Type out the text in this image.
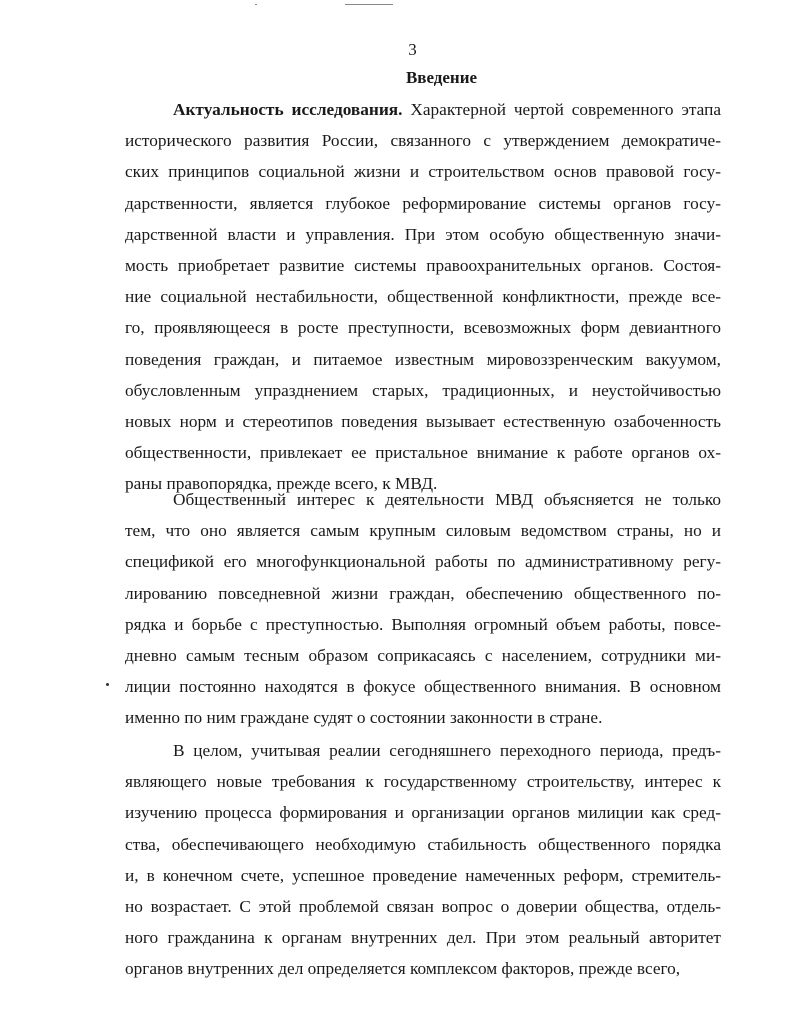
3
Введение
Актуальность исследования. Характерной чертой современного этапа
исторического развития России, связанного с утверждением демократиче-
ских принципов социальной жизни и строительством основ правовой госу-
дарственности, является глубокое реформирование системы органов госу-
дарственной власти и управления. При этом особую общественную значи-
мость приобретает развитие системы правоохранительных органов. Состоя-
ние социальной нестабильности, общественной конфликтности, прежде все-
го, проявляющееся в росте преступности, всевозможных форм девиантного
поведения граждан, и питаемое известным мировоззренческим вакуумом,
обусловленным упразднением старых, традиционных, и неустойчивостью
новых норм и стереотипов поведения вызывает естественную озабоченность
общественности, привлекает ее пристальное внимание к работе органов ох-
раны правопорядка, прежде всего, к МВД.
Общественный интерес к деятельности МВД объясняется не только
тем, что оно является самым крупным силовым ведомством страны, но и
спецификой его многофункциональной работы по административному регу-
лированию повседневной жизни граждан, обеспечению общественного по-
рядка и борьбе с преступностью. Выполняя огромный объем работы, повсе-
дневно самым тесным образом соприкасаясь с населением, сотрудники ми-
лиции постоянно находятся в фокусе общественного внимания. В основном
именно по ним граждане судят о состоянии законности в стране.
В целом, учитывая реалии сегодняшнего переходного периода, предъ-
являющего новые требования к государственному строительству, интерес к
изучению процесса формирования и организации органов милиции как сред-
ства, обеспечивающего необходимую стабильность общественного порядка
и, в конечном счете, успешное проведение намеченных реформ, стремитель-
но возрастает. С этой проблемой связан вопрос о доверии общества, отдель-
ного гражданина к органам внутренних дел. При этом реальный авторитет
органов внутренних дел определяется комплексом факторов, прежде всего,
